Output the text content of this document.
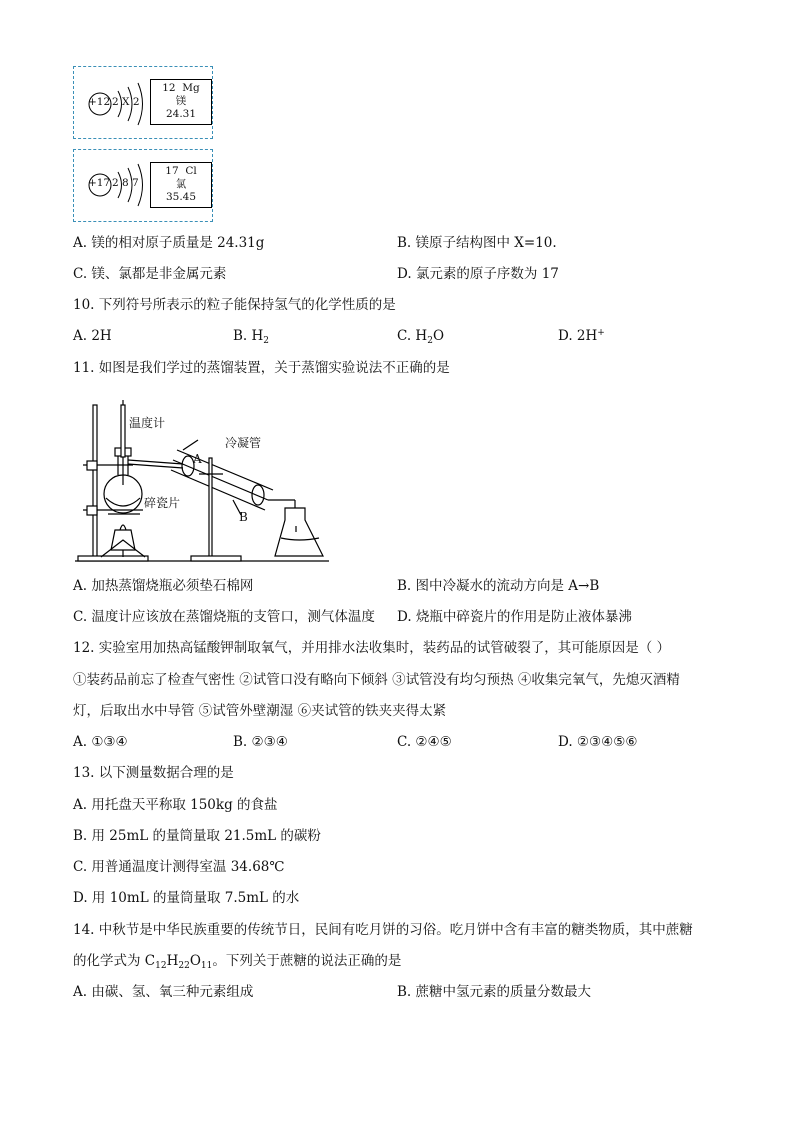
+12 2 X 2
12 Mg
镁
24.31
+17 2 8 7
17 Cl
氯
35.45
A. 镁的相对原子质量是 24.31g	B. 镁原子结构图中 X=10.
C. 镁、氯都是非金属元素	D. 氯元素的原子序数为 17
10. 下列符号所表示的粒子能保持氢气的化学性质的是
A. 2H	B. $H_2$	C. $H_2O$	D. 2H+
11. 如图是我们学过的蒸馏装置，关于蒸馏实验说法不正确的是
温度计
冷凝管
碎瓷片
A
B
A. 加热蒸馏烧瓶必须垫石棉网	B. 图中冷凝水的流动方向是 A→B
C. 温度计应该放在蒸馏烧瓶的支管口，测气体温度 D. 烧瓶中碎瓷片的作用是防止液体暴沸
12. 实验室用加热高锰酸钾制取氧气，并用排水法收集时，装药品的试管破裂了，其可能原因是（ ）
①装药品前忘了检查气密性 ②试管口没有略向下倾斜 ③试管没有均匀预热 ④收集完氧气，先熄灭酒精
灯，后取出水中导管 ⑤试管外壁潮湿 ⑥夹试管的铁夹夹得太紧
A. ①③④	B. ②③④	C. ②④⑤	D. ②③④⑤⑥
13. 以下测量数据合理的是
A. 用托盘天平称取 150kg 的食盐
B. 用 25mL 的量筒量取 21.5mL 的碳粉
C. 用普通温度计测得室温 34.68℃
D. 用 10mL 的量筒量取 7.5mL 的水
14. 中秋节是中华民族重要的传统节日，民间有吃月饼的习俗。吃月饼中含有丰富的糖类物质，其中蔗糖
的化学式为 $C_{12}H_{22}O_{11}$。下列关于蔗糖的说法正确的是
A. 由碳、氢、氧三种元素组成	B. 蔗糖中氢元素的质量分数最大
